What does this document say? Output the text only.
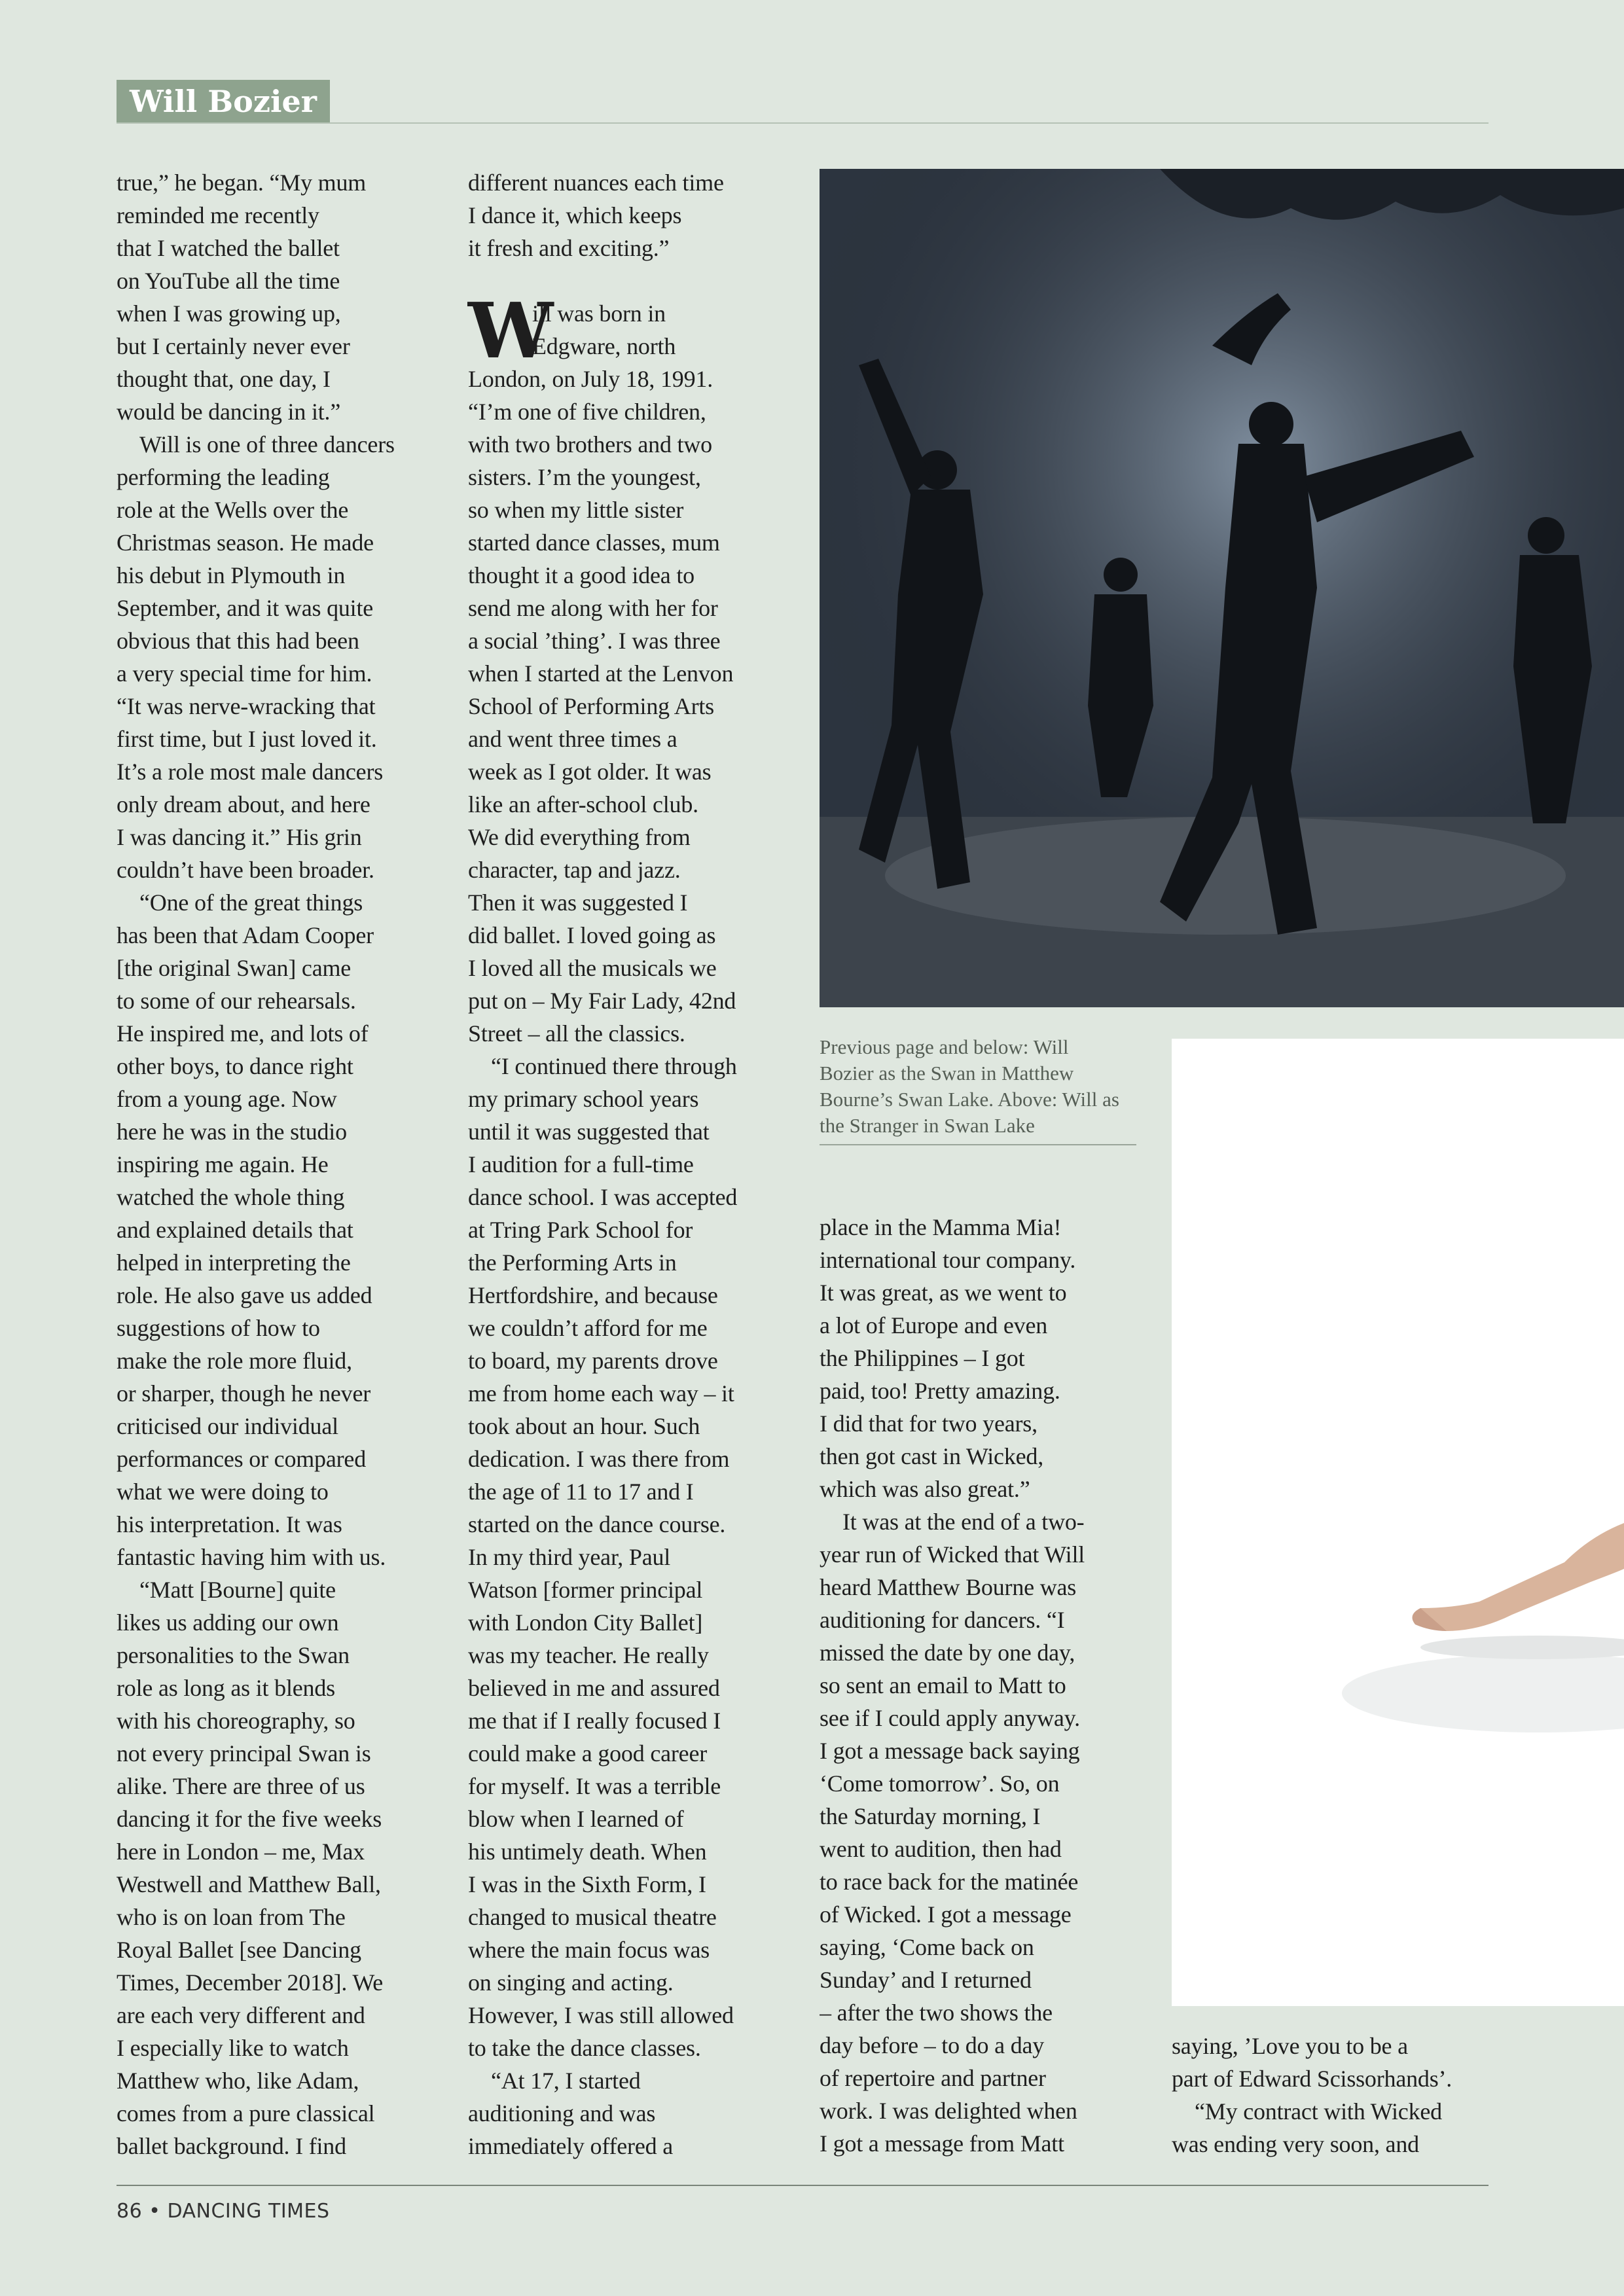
Will Bozier

true,” he began. “My mum

reminded me recently

that I watched the ballet

on YouTube all the time

when I was growing up,

but I certainly never ever

thought that, one day, I

would be dancing in it.”

Will is one of three dancers

performing the leading

role at the Wells over the

Christmas season. He made

his debut in Plymouth in

September, and it was quite

obvious that this had been

a very special time for him.

“It was nerve-wracking that

first time, but I just loved it.

It’s a role most male dancers

only dream about, and here

I was dancing it.” His grin

couldn’t have been broader.

“One of the great things

has been that Adam Cooper

[the original Swan] came

to some of our rehearsals.

He inspired me, and lots of

other boys, to dance right

from a young age. Now

here he was in the studio

inspiring me again. He

watched the whole thing

and explained details that

helped in interpreting the

role. He also gave us added

suggestions of how to

make the role more fluid,

or sharper, though he never

criticised our individual

performances or compared

what we were doing to

his interpretation. It was

fantastic having him with us.

“Matt [Bourne] quite

likes us adding our own

personalities to the Swan

role as long as it blends

with his choreography, so

not every principal Swan is

alike. There are three of us

dancing it for the five weeks

here in London – me, Max

Westwell and Matthew Ball,

who is on loan from The

Royal Ballet [see Dancing

Times, December 2018]. We

are each very different and

I especially like to watch

Matthew who, like Adam,

comes from a pure classical

ballet background. I find

different nuances each time

I dance it, which keeps

it fresh and exciting.”

W
ill was born in
Edgware, north

London, on July 18, 1991.

“I’m one of five children,

with two brothers and two

sisters. I’m the youngest,

so when my little sister

started dance classes, mum

thought it a good idea to

send me along with her for

a social ’thing’. I was three

when I started at the Lenvon

School of Performing Arts

and went three times a

week as I got older. It was

like an after-school club.

We did everything from

character, tap and jazz.

Then it was suggested I

did ballet. I loved going as

I loved all the musicals we

put on – My Fair Lady, 42nd

Street – all the classics.

“I continued there through

my primary school years

until it was suggested that

I audition for a full-time

dance school. I was accepted

at Tring Park School for

the Performing Arts in

Hertfordshire, and because

we couldn’t afford for me

to board, my parents drove

me from home each way – it

took about an hour. Such

dedication. I was there from

the age of 11 to 17 and I

started on the dance course.

In my third year, Paul

Watson [former principal

with London City Ballet]

was my teacher. He really

believed in me and assured

me that if I really focused I

could make a good career

for myself. It was a terrible

blow when I learned of

his untimely death. When

I was in the Sixth Form, I

changed to musical theatre

where the main focus was

on singing and acting.

However, I was still allowed

to take the dance classes.

“At 17, I started

auditioning and was

immediately offered a

Previous page and below: Will

Bozier as the Swan in Matthew

Bourne’s Swan Lake. Above: Will as

the Stranger in Swan Lake

place in the Mamma Mia!

international tour company.

It was great, as we went to

a lot of Europe and even

the Philippines – I got

paid, too! Pretty amazing.

I did that for two years,

then got cast in Wicked,

which was also great.”

It was at the end of a two-

year run of Wicked that Will

heard Matthew Bourne was

auditioning for dancers. “I

missed the date by one day,

so sent an email to Matt to

see if I could apply anyway.

I got a message back saying

‘Come tomorrow’. So, on

the Saturday morning, I

went to audition, then had

to race back for the matinée

of Wicked. I got a message

saying, ‘Come back on

Sunday’ and I returned

– after the two shows the

day before – to do a day

of repertoire and partner

work. I was delighted when

I got a message from Matt

saying, ’Love you to be a

part of Edward Scissorhands’.

“My contract with Wicked

was ending very soon, and

86 • DANCING TIMES
